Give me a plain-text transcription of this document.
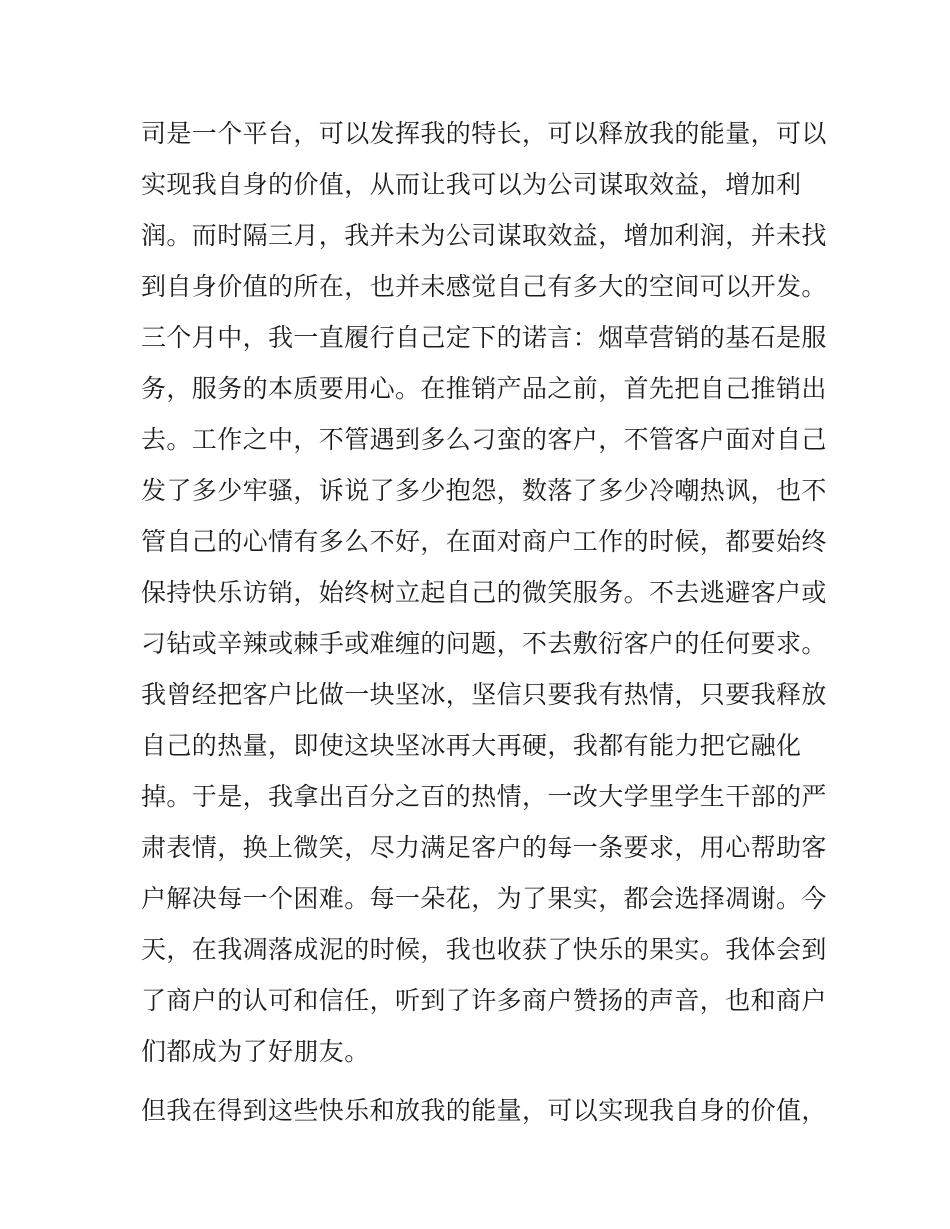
司是一个平台，可以发挥我的特长，可以释放我的能量，可以
实现我自身的价值，从而让我可以为公司谋取效益，增加利
润。而时隔三月，我并未为公司谋取效益，增加利润，并未找
到自身价值的所在，也并未感觉自己有多大的空间可以开发。
三个月中，我一直履行自己定下的诺言：烟草营销的基石是服
务，服务的本质要用心。在推销产品之前，首先把自己推销出
去。工作之中，不管遇到多么刁蛮的客户，不管客户面对自己
发了多少牢骚，诉说了多少抱怨，数落了多少冷嘲热讽，也不
管自己的心情有多么不好，在面对商户工作的时候，都要始终
保持快乐访销，始终树立起自己的微笑服务。不去逃避客户或
刁钻或辛辣或棘手或难缠的问题，不去敷衍客户的任何要求。
我曾经把客户比做一块坚冰，坚信只要我有热情，只要我释放
自己的热量，即使这块坚冰再大再硬，我都有能力把它融化
掉。于是，我拿出百分之百的热情，一改大学里学生干部的严
肃表情，换上微笑，尽力满足客户的每一条要求，用心帮助客
户解决每一个困难。每一朵花，为了果实，都会选择凋谢。今
天，在我凋落成泥的时候，我也收获了快乐的果实。我体会到
了商户的认可和信任，听到了许多商户赞扬的声音，也和商户
们都成为了好朋友。
但我在得到这些快乐和放我的能量，可以实现我自身的价值，
